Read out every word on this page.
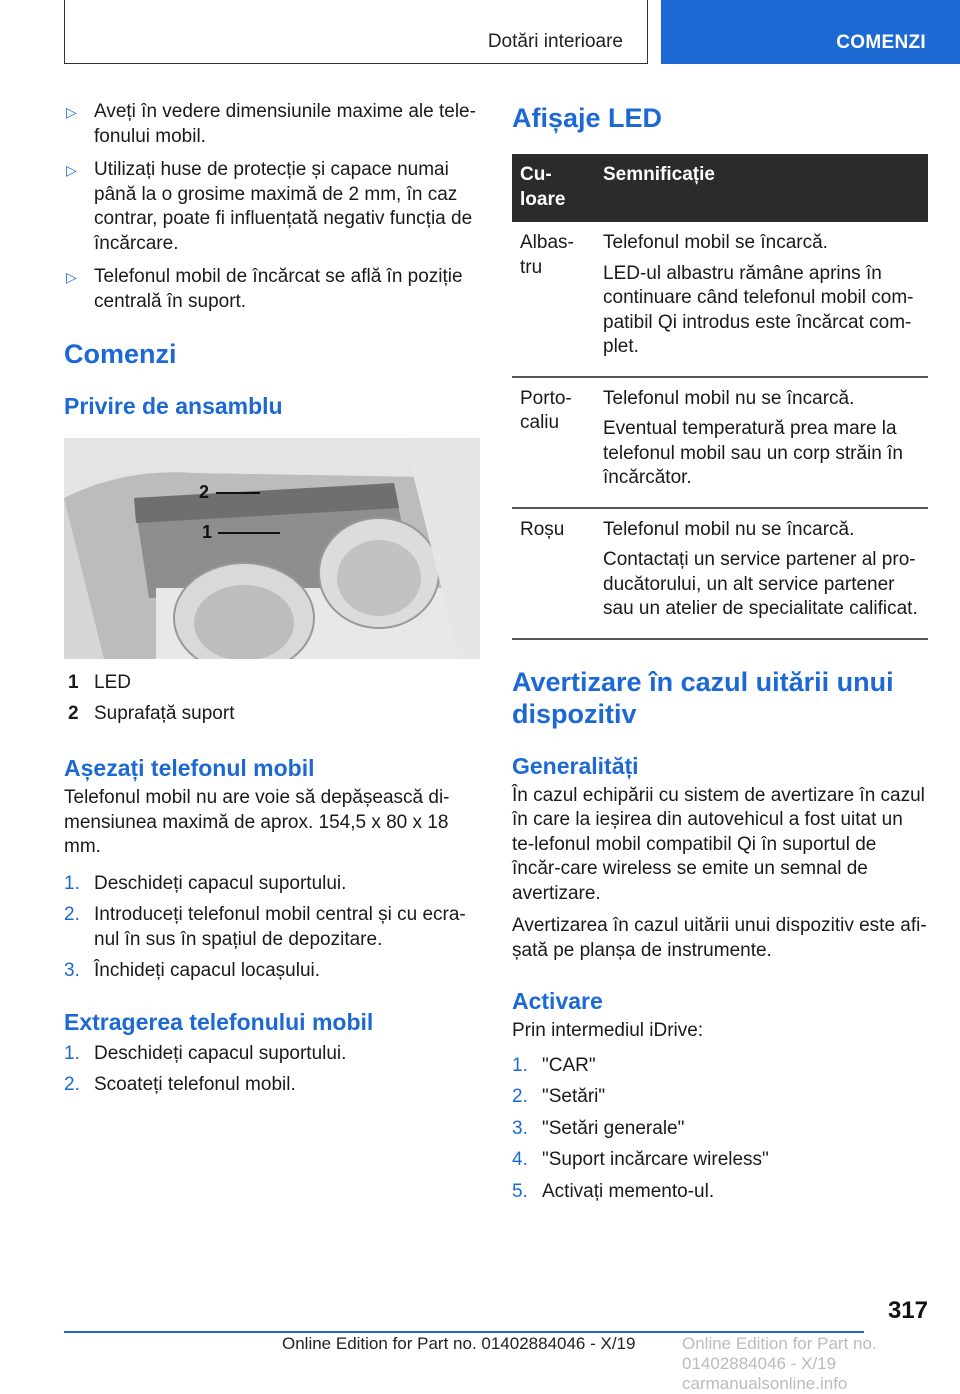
Dotări interioare	COMENZI
▷ Aveți în vedere dimensiunile maxime ale tele‐fonului mobil.
▷ Utilizați huse de protecție și capace numai până la o grosime maximă de 2 mm, în caz contrar, poate fi influențată negativ funcția de încărcare.
▷ Telefonul mobil de încărcat se află în poziție centrală în suport.
Comenzi
Privire de ansamblu
2
1
1 LED
2 Suprafață suport
Așezați telefonul mobil
Telefonul mobil nu are voie să depășească di‐mensiunea maximă de aprox. 154,5 x 80 x 18 mm.
1. Deschideți capacul suportului.
2. Introduceți telefonul mobil central și cu ecra‐nul în sus în spațiul de depozitare.
3. Închideți capacul locașului.
Extragerea telefonului mobil
1. Deschideți capacul suportului.
2. Scoateți telefonul mobil.
Afișaje LED
Cu‐loare	Semnificație
Albas‐tru	Telefonul mobil se încarcă.

LED-ul albastru rămâne aprins în continuare când telefonul mobil com‐patibil Qi introdus este încărcat com‐plet.

Porto‐caliu	Telefonul mobil nu se încarcă.

Eventual temperatură prea mare la telefonul mobil sau un corp străin în încărcător.

Roșu	Telefonul mobil nu se încarcă.

Contactați un service partener al pro‐ducătorului, un alt service partener sau un atelier de specialitate calificat.

Avertizare în cazul uitării unui dispozitiv
Generalități
În cazul echipării cu sistem de avertizare în cazul în care la ieșirea din autovehicul a fost uitat un te‐lefonul mobil compatibil Qi în suportul de încăr‐care wireless se emite un semnal de avertizare.
Avertizarea în cazul uitării unui dispozitiv este afi‐șată pe planșa de instrumente.
Activare
Prin intermediul iDrive:
1. "CAR"
2. "Setări"
3. "Setări generale"
4. "Suport incărcare wireless"
5. Activați memento-ul.
317
Online Edition for Part no. 01402884046 - X/19 carmanualsonline.info
Online Edition for Part no. 01402884046 - X/19
